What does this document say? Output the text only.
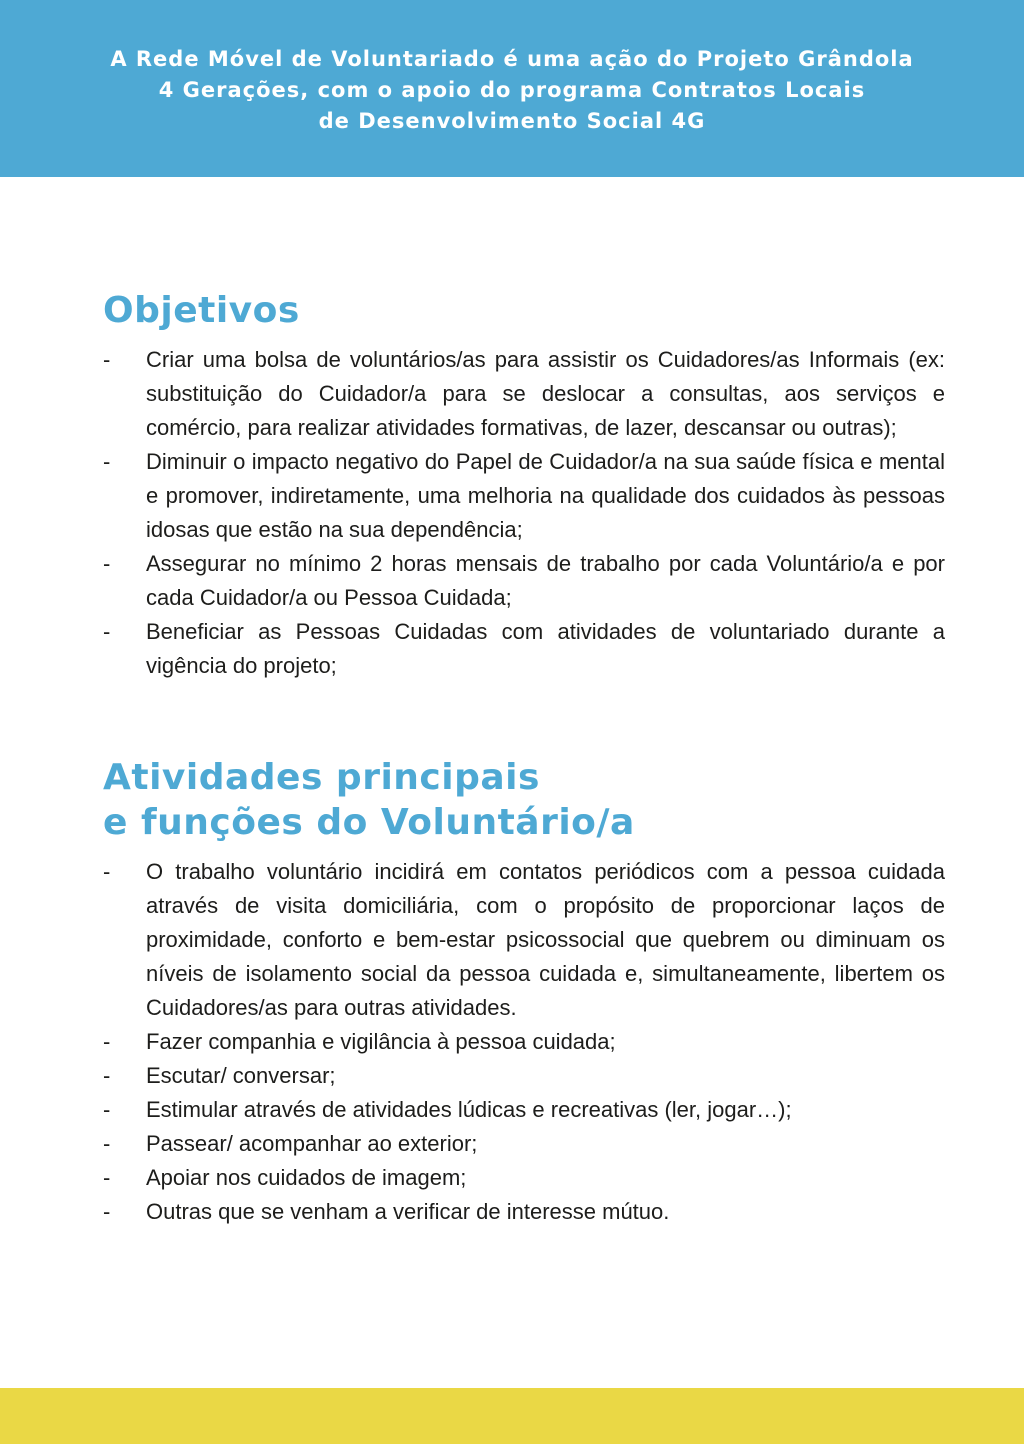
A Rede Móvel de Voluntariado é uma ação do Projeto Grândola
4 Gerações, com o apoio do programa Contratos Locais
de Desenvolvimento Social 4G
Objetivos
-	Criar uma bolsa de voluntários/as para assistir os Cuidadores/as Informais (ex: substituição do Cuidador/a para se deslocar a consultas, aos serviços e comércio, para realizar atividades formativas, de lazer, descansar ou outras);
-	Diminuir o impacto negativo do Papel de Cuidador/a na sua saúde física e mental e promover, indiretamente, uma melhoria na qualidade dos cuidados às pessoas idosas que estão na sua dependência;
-	Assegurar no mínimo 2 horas mensais de trabalho por cada Voluntário/a e por cada Cuidador/a ou Pessoa Cuidada;
-	Beneficiar as Pessoas Cuidadas com atividades de voluntariado durante a vigência do projeto;
Atividades principais
e funções do Voluntário/a
-	O trabalho voluntário incidirá em contatos periódicos com a pessoa cuidada através de visita domiciliária, com o propósito de proporcionar laços de proximidade, conforto e bem-estar psicossocial que quebrem ou diminuam os níveis de isolamento social da pessoa cuidada e, simultaneamente, libertem os Cuidadores/as para outras atividades.
-	Fazer companhia e vigilância à pessoa cuidada;
-	Escutar/ conversar;
-	Estimular através de atividades lúdicas e recreativas (ler, jogar…);
-	Passear/ acompanhar ao exterior;
-	Apoiar nos cuidados de imagem;
-	Outras que se venham a verificar de interesse mútuo.
